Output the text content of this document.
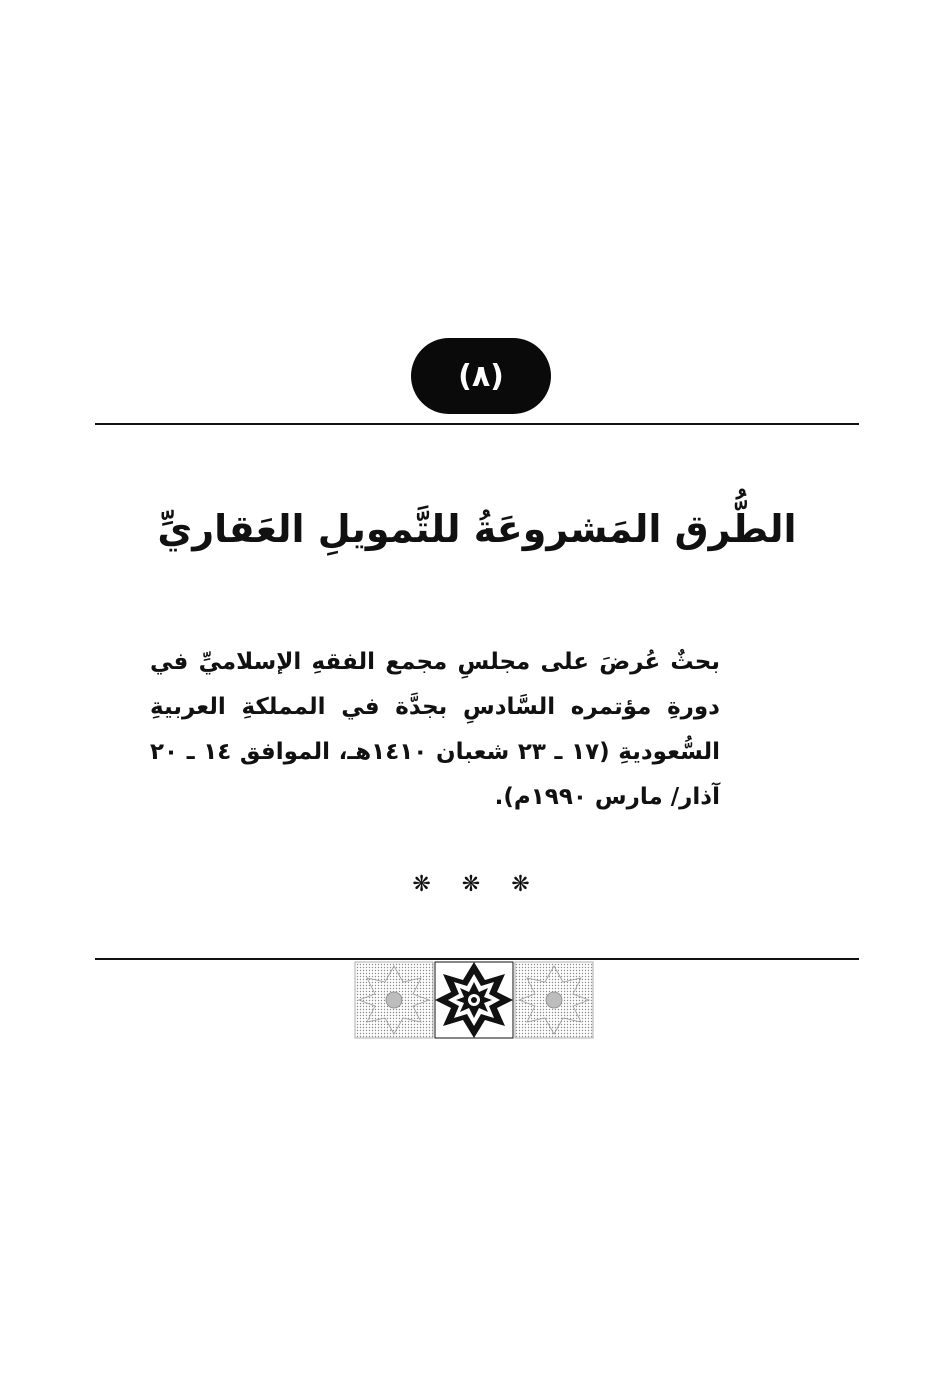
(٨)
الطُّرق المَشروعَةُ للتَّمويلِ العَقاريِّ

بحثٌ عُرضَ على مجلسِ مجمع الفقهِ الإسلاميِّ في دورةِ مؤتمره السَّادسِ بجدَّة في المملكةِ العربيةِ السُّعوديةِ (١٧ ـ ٢٣ شعبان ١٤١٠هـ، الموافق ١٤ ـ ٢٠ آذار/ مارس ١٩٩٠م).

❋ ❋ ❋
